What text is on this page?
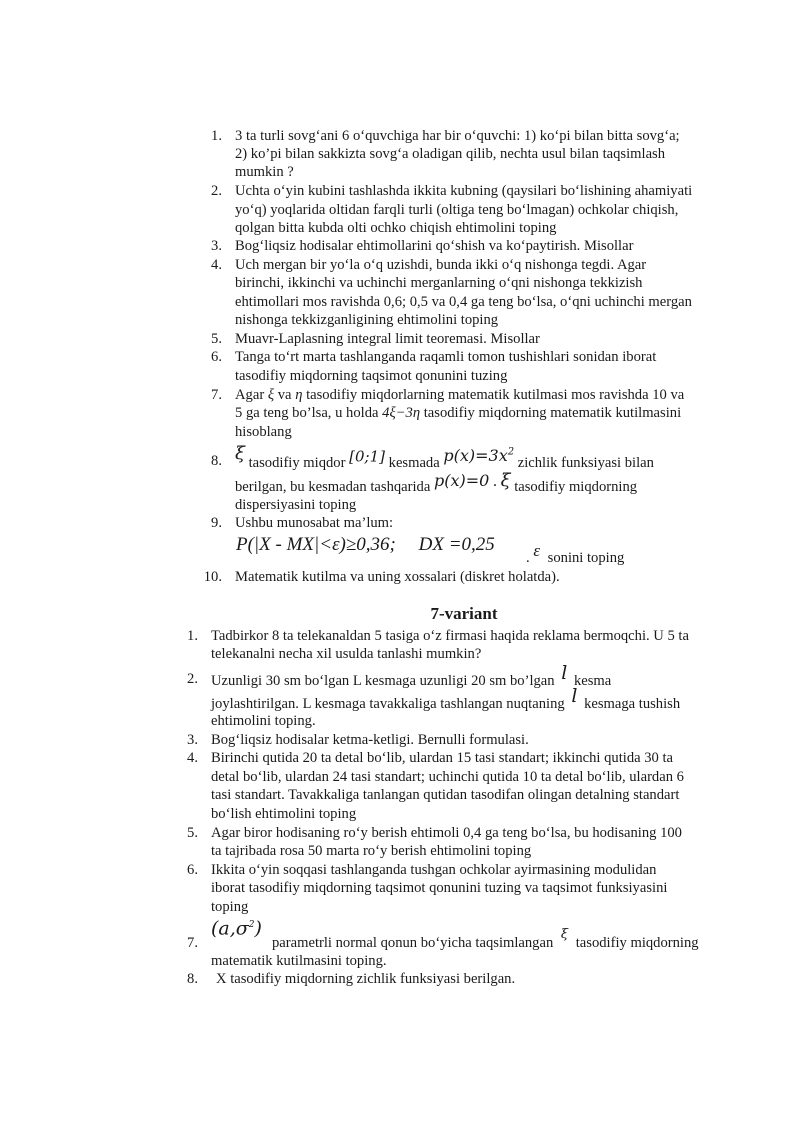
1. 3 ta turli sovg‘ani 6 o‘quvchiga har bir o‘quvchi: 1) ko‘pi bilan bitta sovg‘a;
2) ko’pi bilan sakkizta sovg‘a oladigan qilib, nechta usul bilan taqsimlash
mumkin ?
2. Uchta o‘yin kubini tashlashda ikkita kubning (qaysilari bo‘lishining ahamiyati
yo‘q) yoqlarida oltidan farqli turli (oltiga teng bo‘lmagan) ochkolar chiqish,
qolgan bitta kubda olti ochko chiqish ehtimolini toping
3. Bog‘liqsiz hodisalar ehtimollarini qo‘shish va ko‘paytirish. Misollar
4. Uch mergan bir yo‘la o‘q uzishdi, bunda ikki o‘q nishonga tegdi. Agar
birinchi, ikkinchi va uchinchi merganlarning o‘qni nishonga tekkizish
ehtimollari mos ravishda 0,6; 0,5 va 0,4 ga teng bo‘lsa, o‘qni uchinchi mergan
nishonga tekkizganligining ehtimolini toping
5. Muavr-Laplasning integral limit teoremasi. Misollar
6. Tanga to‘rt marta tashlanganda raqamli tomon tushishlari sonidan iborat
tasodifiy miqdorning taqsimot qonunini tuzing
7. Agar ξ va η tasodifiy miqdorlarning matematik kutilmasi mos ravishda 10 va
5 ga teng bo’lsa, u holda 4ξ−3η tasodifiy miqdorning matematik kutilmasini
hisoblang
8. ξ tasodifiy miqdor [0;1] kesmada $p(x)=3x^2$ zichlik funksiyasi bilan
berilgan, bu kesmadan tashqarida p(x)=0 . ξ tasodifiy miqdorning
dispersiyasini toping
9. Ushbu munosabat ma’lum:
P(|X - MX|<ε)≥0,36; DX =0,25
. ε sonini toping
10. Matematik kutilma va uning xossalari (diskret holatda).
7-variant
1. Tadbirkor 8 ta telekanaldan 5 tasiga o‘z firmasi haqida reklama bermoqchi. U 5 ta
telekanalni necha xil usulda tanlashi mumkin?
2. Uzunligi 30 sm bo‘lgan L kesmaga uzunligi 20 sm bo’lgan l kesma
joylashtirilgan. L kesmaga tavakkaliga tashlangan nuqtaning l kesmaga tushish
ehtimolini toping.
3. Bog‘liqsiz hodisalar ketma-ketligi. Bernulli formulasi.
4. Birinchi qutida 20 ta detal bo‘lib, ulardan 15 tasi standart; ikkinchi qutida 30 ta
detal bo‘lib, ulardan 24 tasi standart; uchinchi qutida 10 ta detal bo‘lib, ulardan 6
tasi standart. Tavakkaliga tanlangan qutidan tasodifan olingan detalning standart
bo‘lish ehtimolini toping
5. Agar biror hodisaning ro‘y berish ehtimoli 0,4 ga teng bo‘lsa, bu hodisaning 100
ta tajribada rosa 50 marta ro‘y berish ehtimolini toping
6. Ikkita o‘yin soqqasi tashlanganda tushgan ochkolar ayirmasining modulidan
iborat tasodifiy miqdorning taqsimot qonunini tuzing va taqsimot funksiyasini
toping
7.
$(a,\sigma^2)$
parametrli normal qonun bo‘yicha taqsimlangan ξ tasodifiy miqdorning
matematik kutilmasini toping.
8. X tasodifiy miqdorning zichlik funksiyasi berilgan.
